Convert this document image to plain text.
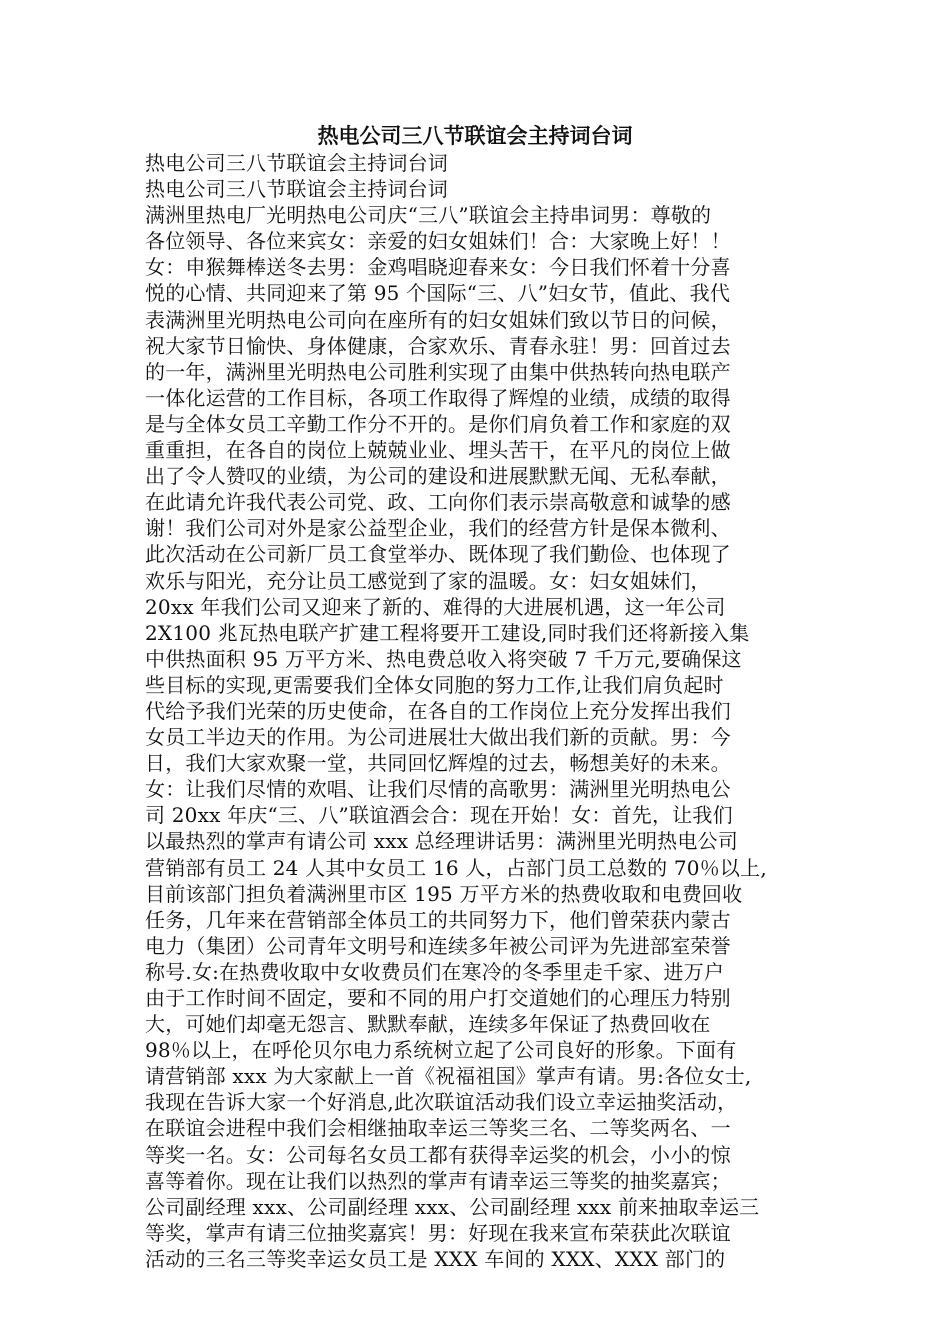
热电公司三八节联谊会主持词台词
热电公司三八节联谊会主持词台词
热电公司三八节联谊会主持词台词
满洲里热电厂光明热电公司庆“三八”联谊会主持串词男：尊敬的
各位领导、各位来宾女：亲爱的妇女姐妹们！合：大家晚上好！！
女：申猴舞棒送冬去男：金鸡唱晓迎春来女：今日我们怀着十分喜
悦的心情、共同迎来了第 95 个国际“三、八”妇女节，值此、我代
表满洲里光明热电公司向在座所有的妇女姐妹们致以节日的问候，
祝大家节日愉快、身体健康，合家欢乐、青春永驻！男：回首过去
的一年，满洲里光明热电公司胜利实现了由集中供热转向热电联产
一体化运营的工作目标，各项工作取得了辉煌的业绩，成绩的取得
是与全体女员工辛勤工作分不开的。是你们肩负着工作和家庭的双
重重担，在各自的岗位上兢兢业业、埋头苦干，在平凡的岗位上做
出了令人赞叹的业绩，为公司的建设和进展默默无闻、无私奉献，
在此请允许我代表公司党、政、工向你们表示崇高敬意和诚挚的感
谢！我们公司对外是家公益型企业，我们的经营方针是保本微利、
此次活动在公司新厂员工食堂举办、既体现了我们勤俭、也体现了
欢乐与阳光，充分让员工感觉到了家的温暖。女：妇女姐妹们，
20xx 年我们公司又迎来了新的、难得的大进展机遇，这一年公司
2X100 兆瓦热电联产扩建工程将要开工建设,同时我们还将新接入集
中供热面积 95 万平方米、热电费总收入将突破 7 千万元,要确保这
些目标的实现,更需要我们全体女同胞的努力工作,让我们肩负起时
代给予我们光荣的历史使命，在各自的工作岗位上充分发挥出我们
女员工半边天的作用。为公司进展壮大做出我们新的贡献。男：今
日，我们大家欢聚一堂，共同回忆辉煌的过去，畅想美好的未来。
女：让我们尽情的欢唱、让我们尽情的高歌男：满洲里光明热电公
司 20xx 年庆“三、八”联谊酒会合：现在开始！女：首先，让我们
以最热烈的掌声有请公司 xxx 总经理讲话男：满洲里光明热电公司
营销部有员工 24 人其中女员工 16 人，占部门员工总数的 70％以上,
目前该部门担负着满洲里市区 195 万平方米的热费收取和电费回收
任务，几年来在营销部全体员工的共同努力下，他们曾荣获内蒙古
电力（集团）公司青年文明号和连续多年被公司评为先进部室荣誉
称号.女:在热费收取中女收费员们在寒冷的冬季里走千家、进万户
由于工作时间不固定，要和不同的用户打交道她们的心理压力特别
大，可她们却毫无怨言、默默奉献，连续多年保证了热费回收在
98％以上，在呼伦贝尔电力系统树立起了公司良好的形象。下面有
请营销部 xxx 为大家献上一首《祝福祖国》掌声有请。男:各位女士,
我现在告诉大家一个好消息,此次联谊活动我们设立幸运抽奖活动，
在联谊会进程中我们会相继抽取幸运三等奖三名、二等奖两名、一
等奖一名。女：公司每名女员工都有获得幸运奖的机会，小小的惊
喜等着你。现在让我们以热烈的掌声有请幸运三等奖的抽奖嘉宾；
公司副经理 xxx、公司副经理 xxx、公司副经理 xxx 前来抽取幸运三
等奖，掌声有请三位抽奖嘉宾！男：好现在我来宣布荣获此次联谊
活动的三名三等奖幸运女员工是 XXX 车间的 XXX、XXX 部门的
